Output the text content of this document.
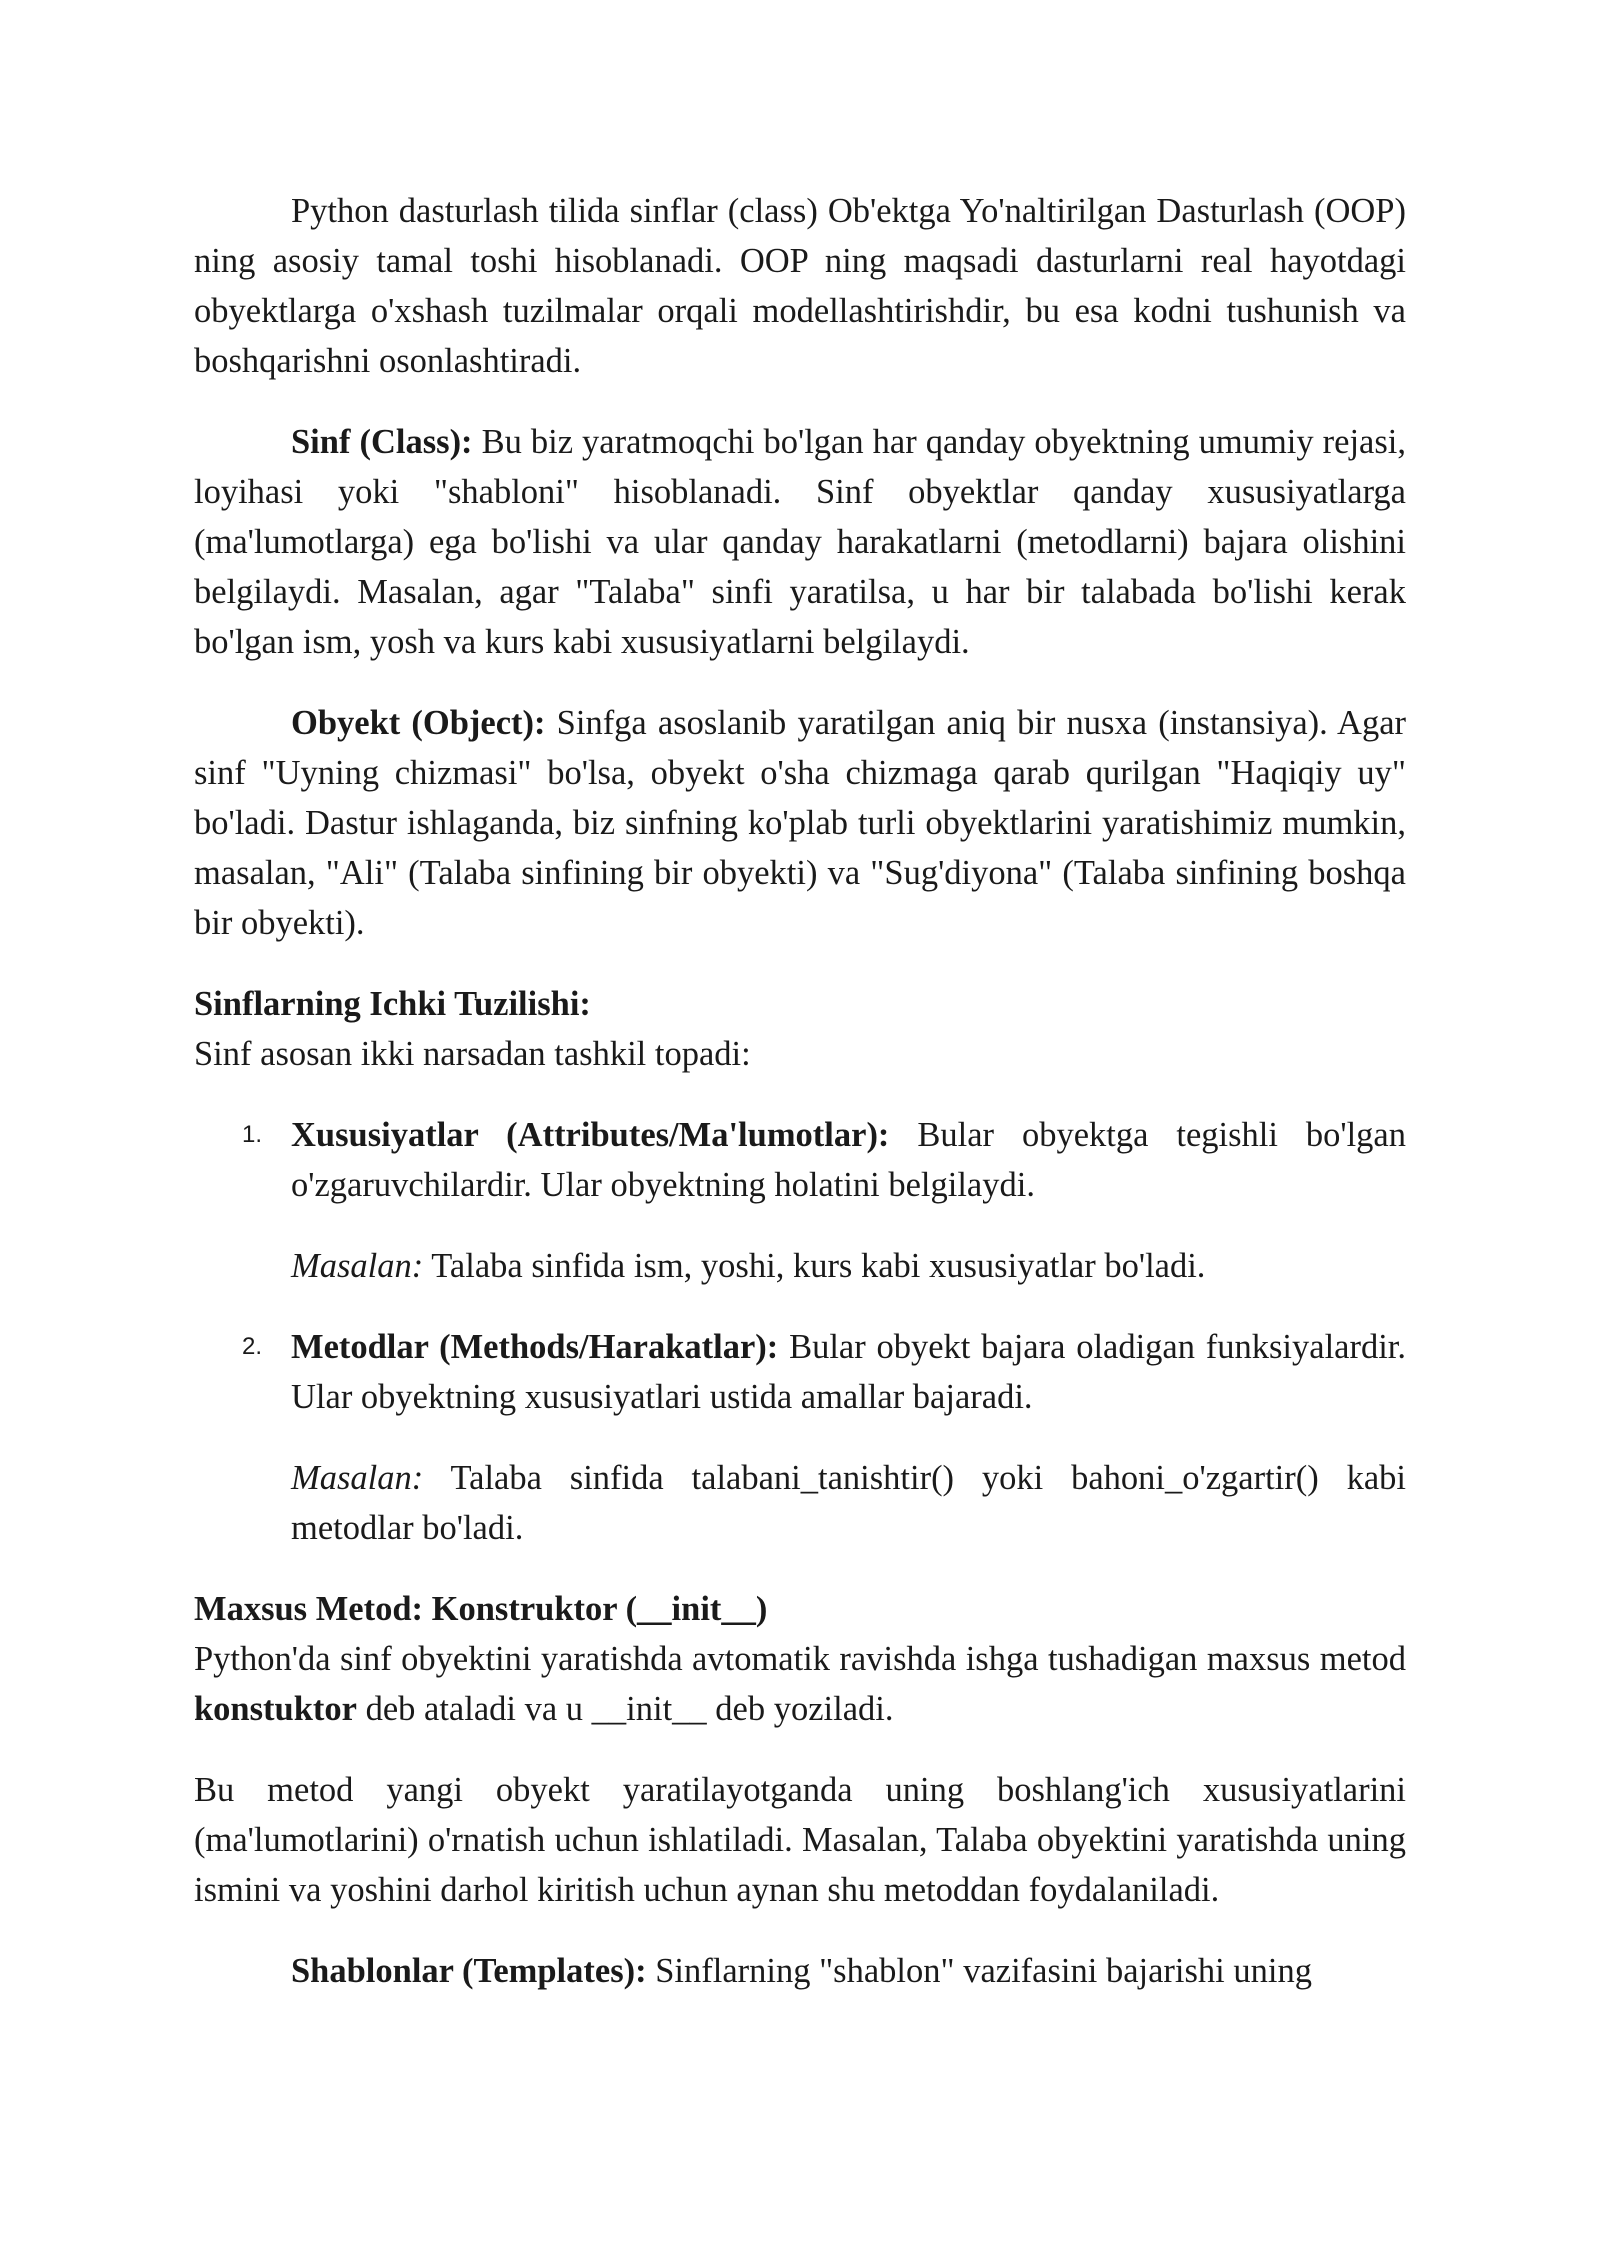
Python dasturlash tilida sinflar (class) Ob'ektga Yo'naltirilgan Dasturlash (OOP) ning asosiy tamal toshi hisoblanadi. OOP ning maqsadi dasturlarni real hayotdagi obyektlarga o'xshash tuzilmalar orqali modellashtirishdir, bu esa kodni tushunish va boshqarishni osonlashtiradi.

Sinf (Class): Bu biz yaratmoqchi bo'lgan har qanday obyektning umumiy rejasi, loyihasi yoki "shabloni" hisoblanadi. Sinf obyektlar qanday xususiyatlarga (ma'lumotlarga) ega bo'lishi va ular qanday harakatlarni (metodlarni) bajara olishini belgilaydi. Masalan, agar "Talaba" sinfi yaratilsa, u har bir talabada bo'lishi kerak bo'lgan ism, yosh va kurs kabi xususiyatlarni belgilaydi.

Obyekt (Object): Sinfga asoslanib yaratilgan aniq bir nusxa (instansiya). Agar sinf "Uyning chizmasi" bo'lsa, obyekt o'sha chizmaga qarab qurilgan "Haqiqiy uy" bo'ladi. Dastur ishlaganda, biz sinfning ko'plab turli obyektlarini yaratishimiz mumkin, masalan, "Ali" (Talaba sinfining bir obyekti) va "Sug'diyona" (Talaba sinfining boshqa bir obyekti).

Sinflarning Ichki Tuzilishi:

Sinf asosan ikki narsadan tashkil topadi:

1. Xususiyatlar (Attributes/Ma'lumotlar): Bular obyektga tegishli bo'lgan o'zgaruvchilardir. Ular obyektning holatini belgilaydi.

Masalan: Talaba sinfida ism, yoshi, kurs kabi xususiyatlar bo'ladi.

2. Metodlar (Methods/Harakatlar): Bular obyekt bajara oladigan funksiyalardir. Ular obyektning xususiyatlari ustida amallar bajaradi.

Masalan: Talaba sinfida talabani_tanishtir() yoki bahoni_o'zgartir() kabi metodlar bo'ladi.

Maxsus Metod: Konstruktor (__init__)

Python'da sinf obyektini yaratishda avtomatik ravishda ishga tushadigan maxsus metod konstuktor deb ataladi va u __init__ deb yoziladi.

Bu metod yangi obyekt yaratilayotganda uning boshlang'ich xususiyatlarini (ma'lumotlarini) o'rnatish uchun ishlatiladi. Masalan, Talaba obyektini yaratishda uning ismini va yoshini darhol kiritish uchun aynan shu metoddan foydalaniladi.

Shablonlar (Templates): Sinflarning "shablon" vazifasini bajarishi uning
